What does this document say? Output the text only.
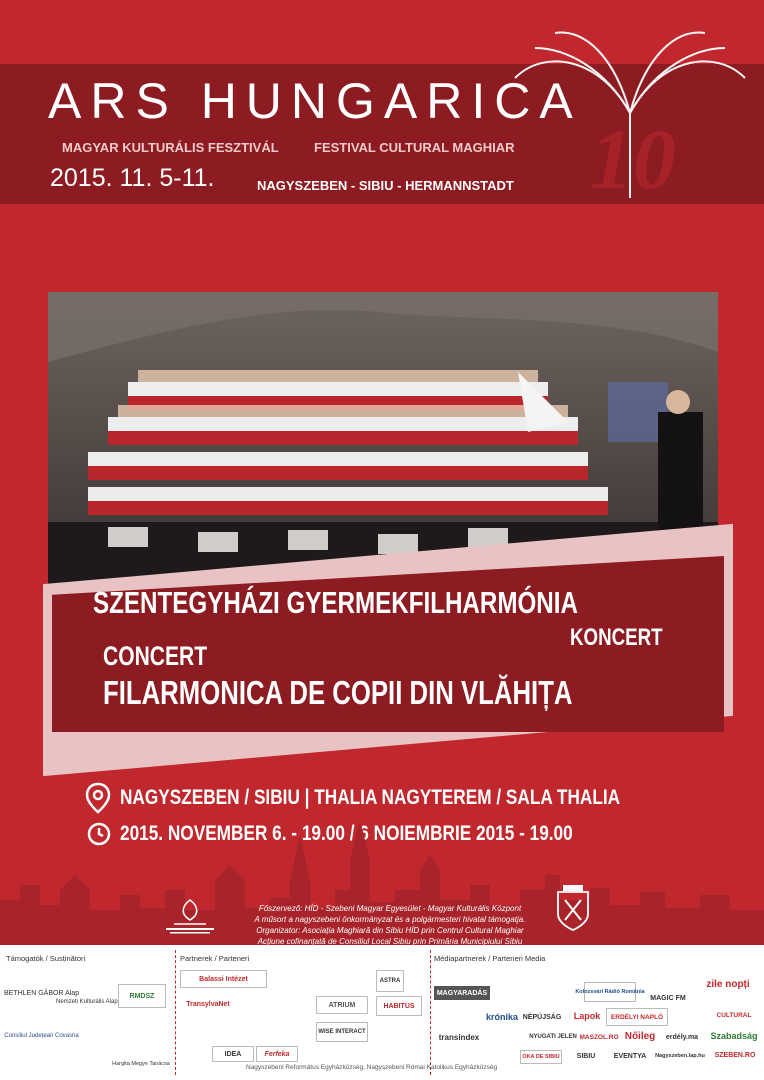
10
ARS HUNGARICA
MAGYAR KULTURÁLIS FESZTIVÁL	FESTIVAL CULTURAL MAGHIAR
2015. 11. 5-11.	NAGYSZEBEN - SIBIU - HERMANNSTADT
SZENTEGYHÁZI GYERMEKFILHARMÓNIA
KONCERT
CONCERT
FILARMONICA DE COPII DIN VLĂHIȚA
NAGYSZEBEN / SIBIU | THALIA NAGYTEREM / SALA THALIA
2015. NOVEMBER 6. - 19.00 / 6 NOIEMBRIE 2015 - 19.00
Főszervező: HÍD - Szebeni Magyar Egyesület - Magyar Kulturális Központ
A műsort a nagyszebeni önkormányzat és a polgármesteri hivatal támogatja.
Organizator: Asociația Maghiară din Sibiu HÍD prin Centrul Cultural Maghiar
Acțiune cofinanțată de Consiliul Local Sibiu prin Primăria Municipiului Sibiu
Támogatók / Susținători	Partnerek / Parteneri	Médiapartnerek / Parteneri Media
BETHLEN GÁBOR Alap
Nemzeti Kulturális Alap
RMDSZ
Consiliul Județean Covasna
Hargita Megye Tanácsa
Balassi Intézet
TransylvaNet	ATRIUM	HABITUS
ASTRA
WISE INTERACT
IDEA	Ferfeka
MAGYARADÁS	Kolozsvári Rádió România
MAGIC FM
zile nopți
krónika NÉPÚJSÁG	Lapok	ERDÉLYI NAPLÓ
transindex	NYUGATI JELEN MASZOL.RO Nőileg	erdély.ma	Szabadság
OKA DE SIBIU	SIBIU	EVENTYA	Nagyszeben.lap.hu	SZEBEN.RO
CULTURAL
Nagyszebeni Református Egyházközség, Nagyszebeni Római Katolikus Egyházközség
